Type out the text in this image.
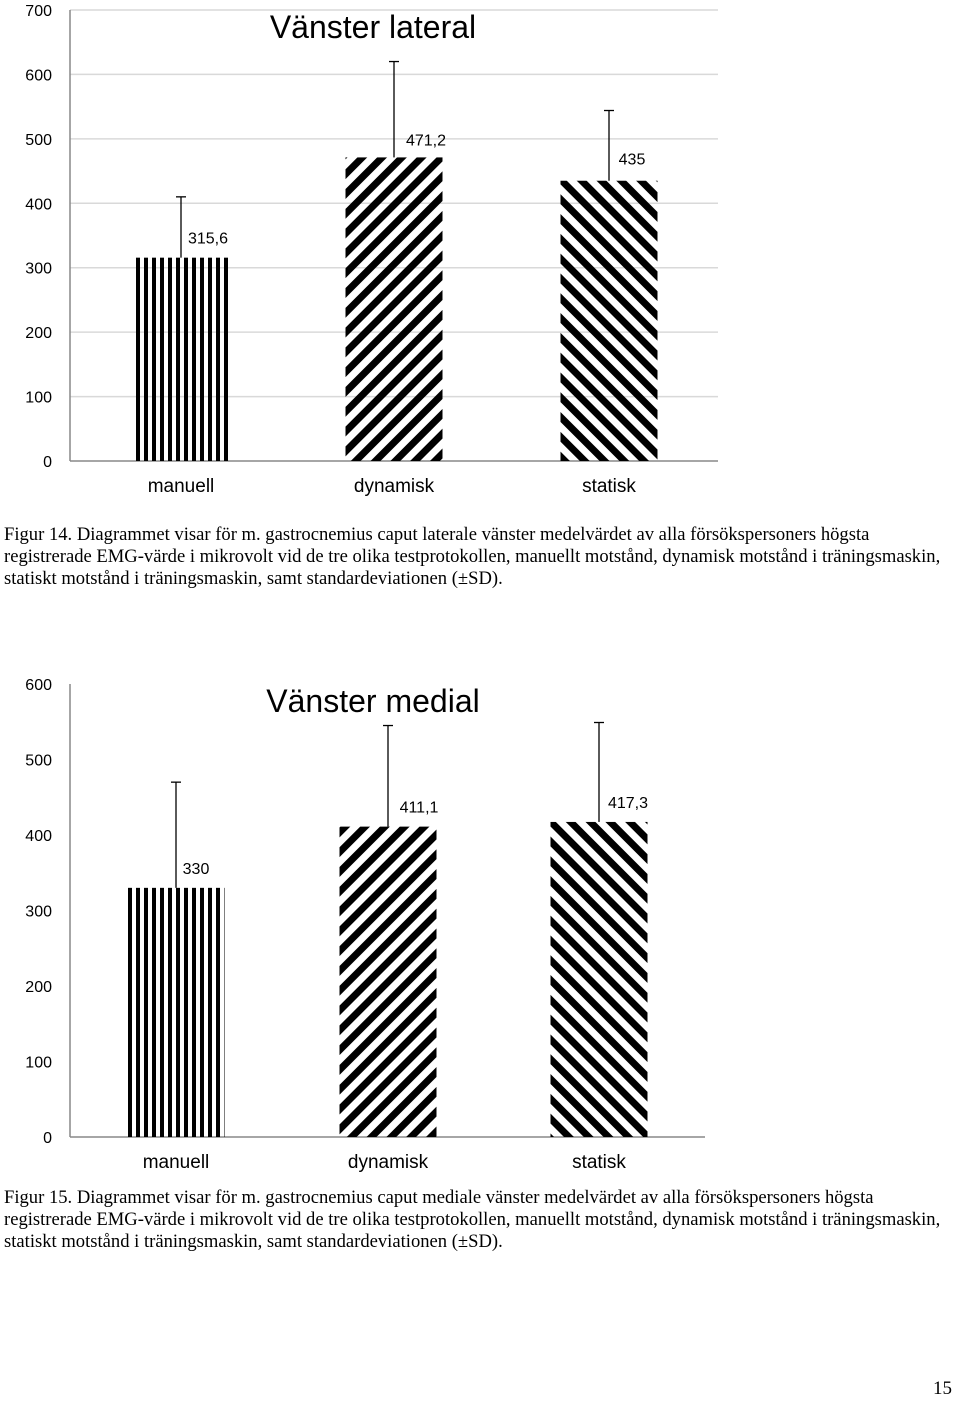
0
100
200
300
400
500
600
700	Vänster lateral
315,6
manuell
471,2
dynamisk
435
statisk

Figur 14. Diagrammet visar för m. gastrocnemius caput laterale vänster medelvärdet av alla försökspersoners högsta registrerade EMG-värde i mikrovolt vid de tre olika testprotokollen, manuellt motstånd, dynamisk motstånd i träningsmaskin, statiskt motstånd i träningsmaskin, samt standardeviationen (±SD).

0
100
200
300
400
500
600	Vänster medial
330
manuell
411,1
dynamisk
417,3
statisk

Figur 15. Diagrammet visar för m. gastrocnemius caput mediale vänster medelvärdet av alla försökspersoners högsta registrerade EMG-värde i mikrovolt vid de tre olika testprotokollen, manuellt motstånd, dynamisk motstånd i träningsmaskin, statiskt motstånd i träningsmaskin, samt standardeviationen (±SD).

15
